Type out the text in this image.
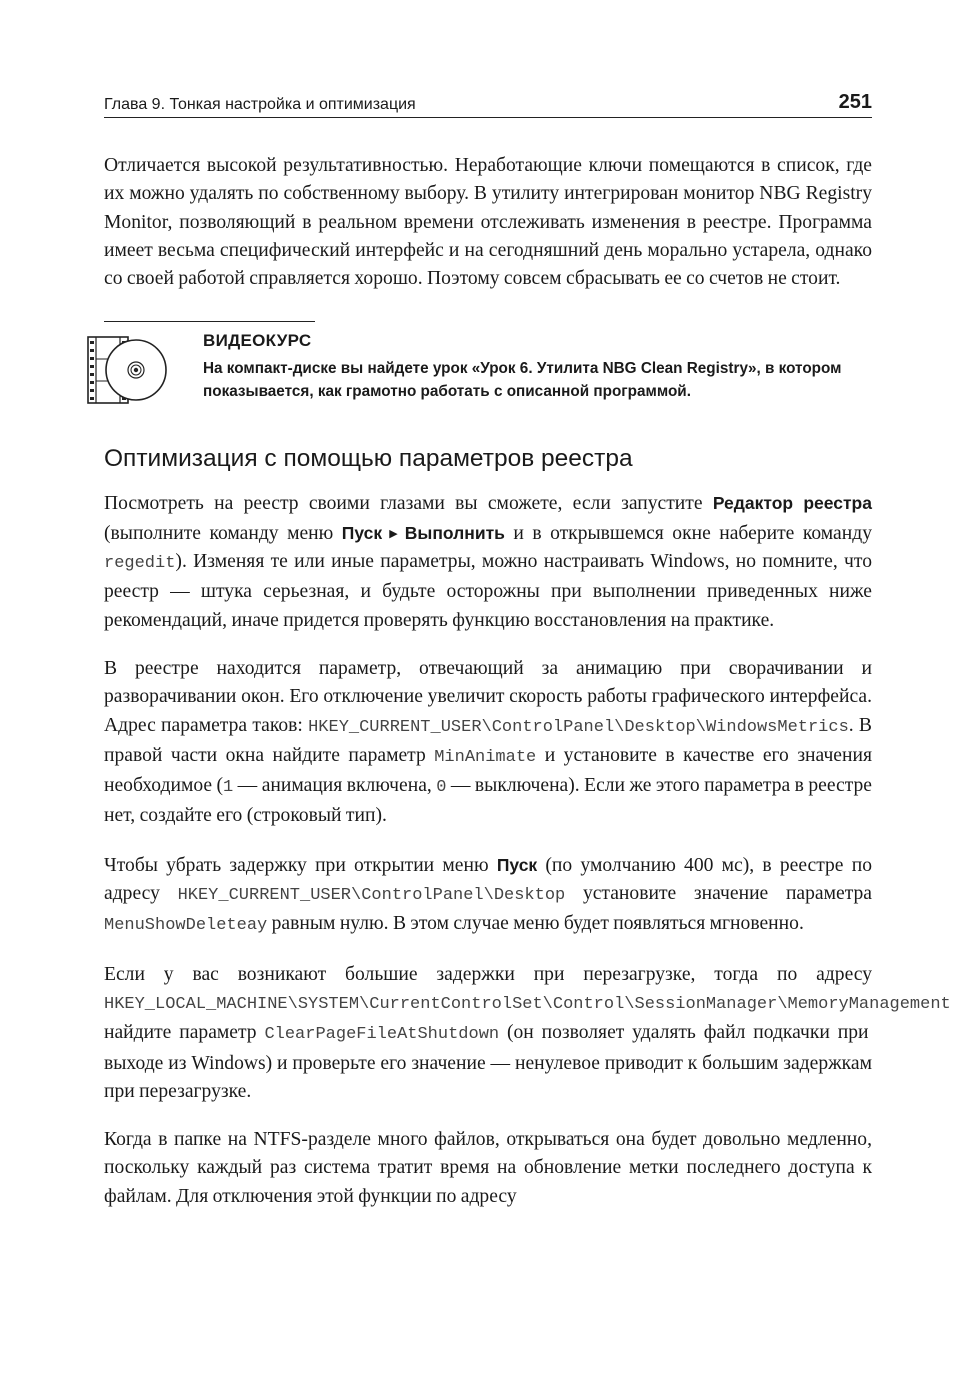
Глава 9. Тонкая настройка и оптимизация	251

Отличается высокой результативностью. Неработающие ключи помещаются в список, где их можно удалять по собственному выбору. В утилиту интегрирован монитор NBG Registry Monitor, позволяющий в реальном времени отслеживать изменения в реестре. Программа имеет весьма специфический интерфейс и на сегодняшний день морально устарела, однако со своей работой справляется хорошо. Поэтому совсем сбрасывать ее со счетов не стоит.

ВИДЕОКУРС
На компакт-диске вы найдете урок «Урок 6. Утилита NBG Clean Registry», в котором показывается, как грамотно работать с описанной программой.
Оптимизация с помощью параметров реестра

Посмотреть на реестр своими глазами вы сможете, если запустите Редактор реестра (выполните команду меню Пуск ▶ Выполнить и в открывшемся окне наберите команду regedit). Изменяя те или иные параметры, можно настраивать Windows, но помните, что реестр — штука серьезная, и будьте осторожны при выполнении приведенных ниже рекомендаций, иначе придется проверять функцию восстановления на практике.

В реестре находится параметр, отвечающий за анимацию при сворачивании и разворачивании окон. Его отключение увеличит скорость работы графического интерфейса. Адрес параметра таков: HKEY_CURRENT_USER\ControlPanel\Desktop\WindowsMetrics. В правой части окна найдите параметр MinAnimate и установите в качестве его значения необходимое (1 — анимация включена, 0 — выключена). Если же этого параметра в реестре нет, создайте его (строковый тип).

Чтобы убрать задержку при открытии меню Пуск (по умолчанию 400 мс), в реестре по адресу HKEY_CURRENT_USER\ControlPanel\Desktop установите значение параметра MenuShowDeleteay равным нулю. В этом случае меню будет появляться мгновенно.

Если у вас возникают большие задержки при перезагрузке, тогда по адресу HKEY_LOCAL_MACHINE\SYSTEM\CurrentControlSet\Control\SessionManager\MemoryManagement найдите параметр ClearPageFileAtShutdown (он позволяет удалять файл подкачки при выходе из Windows) и проверьте его значение — ненулевое приводит к большим задержкам при перезагрузке.

Когда в папке на NTFS-разделе много файлов, открываться она будет довольно медленно, поскольку каждый раз система тратит время на обновление метки последнего доступа к файлам. Для отключения этой функции по адресу
